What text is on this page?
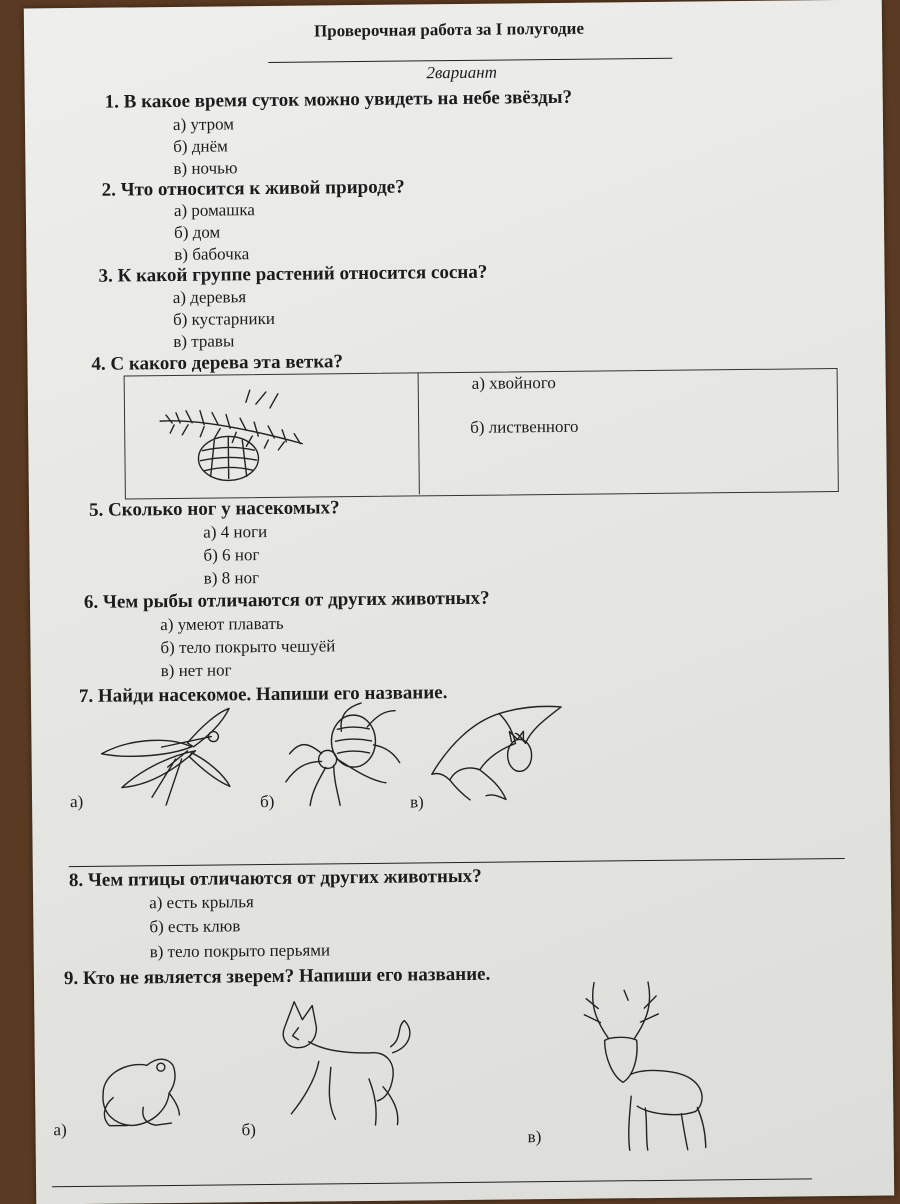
Проверочная работа за I полугодие
2вариант
1. В какое время суток можно увидеть на небе звёзды?
а) утром
б) днём
в) ночью
2. Что относится к живой природе?
а) ромашка
б) дом
в) бабочка
3. К какой группе растений относится сосна?
а) деревья
б) кустарники
в) травы
4. С какого дерева эта ветка?
а) хвойного
б) лиственного
5. Сколько ног у насекомых?
а) 4 ноги
б) 6 ног
в) 8 ног
6. Чем рыбы отличаются от других животных?
а) умеют плавать
б) тело покрыто чешуёй
в) нет ног
7. Найди насекомое. Напиши его название.
а)	б)	в)
8. Чем птицы отличаются от других животных?
а) есть крылья
б) есть клюв
в) тело покрыто перьями
9. Кто не является зверем? Напиши его название.
а)	б)	в)
